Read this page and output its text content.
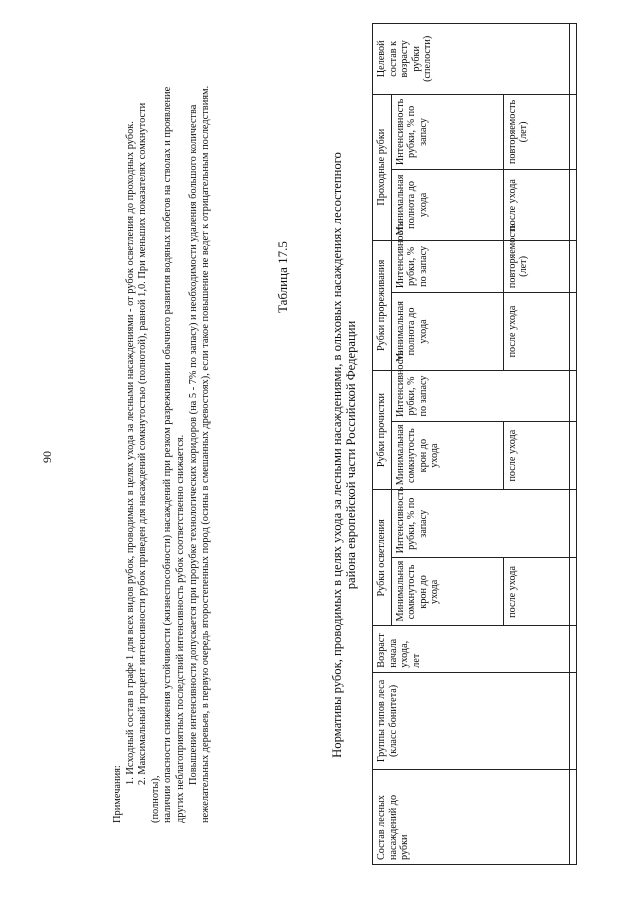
90

Примечания:

1. Исходный состав в графе 1 для всех видов рубок, проводимых в целях ухода за лесными насаждениями - от рубок осветления до проходных рубок. 2. Максимальный процент интенсивности рубок приведен для насаждений сомкнутостью (полнотой), равной 1,0. При меньших показателях сомкнутости (полноты), наличии опасности снижения устойчивости (жизнеспособности) насаждений при резком разреживании обычного развития водяных побегов на стволах и проявление других неблагоприятных последствий интенсивность рубок соответственно снижается. Повышение интенсивности допускается при прорубке технологических коридоров (на 5 - 7% по запасу) и необходимости удаления большого количества нежелательных деревьев, в первую очередь второстепенных пород (осины в смешанных древостоях), если такое повышение не ведет к отрицательным последствиям.	Таблица 17.5	Нормативы рубок, проводимых в целях ухода за лесными насаждениями, в ольховых насаждениях лесостепного района европейской части Российской Федерации
Состав лесных насаждений до рубки	Группы типов леса (класс бонитета)	Возраст начала ухода, лет	Рубки осветления		Рубки прочистки		Рубки прореживания		Проходные рубки		Целевой состав к возрасту рубки (спелости)
			Минимальная сомкнутость крон до ухода	Интенсивность рубки, % по запасу	Минимальная сомкнутость крон до ухода	Интенсивность рубки, % по запасу	Минимальная полнота до ухода	Интенсивность рубки, % по запасу	Минимальная полнота до ухода	Интенсивность рубки, % по запасу	
			после ухода		после ухода		после ухода	повторяемость (лет)	после ухода	повторяемость (лет)	
